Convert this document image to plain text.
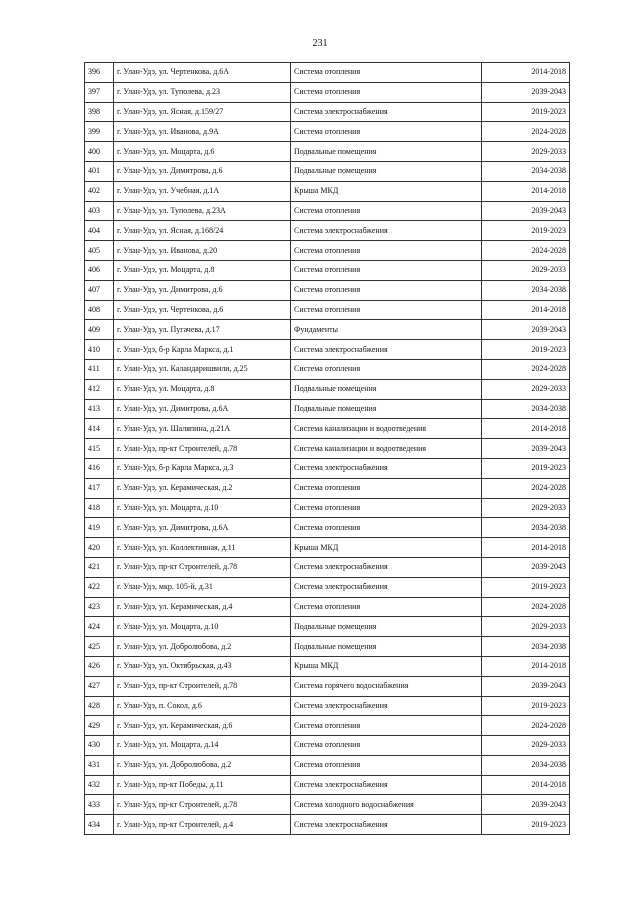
231
396	г. Улан-Удэ, ул. Чертенкова, д.6А	Система отопления	2014-2018
397	г. Улан-Удэ, ул. Туполева, д.23	Система отопления	2039-2043
398	г. Улан-Удэ, ул. Ясная, д.159/27	Система электроснабжения	2019-2023
399	г. Улан-Удэ, ул. Иванова, д.9А	Система отопления	2024-2028
400	г. Улан-Удэ, ул. Моцарта, д.6	Подвальные помещения	2029-2033
401	г. Улан-Удэ, ул. Димитрова, д.6	Подвальные помещения	2034-2038
402	г. Улан-Удэ, ул. Учебная, д.1А	Крыша МКД	2014-2018
403	г. Улан-Удэ, ул. Туполева, д.23А	Система отопления	2039-2043
404	г. Улан-Удэ, ул. Ясная, д.168/24	Система электроснабжения	2019-2023
405	г. Улан-Удэ, ул. Иванова, д.20	Система отопления	2024-2028
406	г. Улан-Удэ, ул. Моцарта, д.8	Система отопления	2029-2033
407	г. Улан-Удэ, ул. Димитрова, д.6	Система отопления	2034-2038
408	г. Улан-Удэ, ул. Чертенкова, д.6	Система отопления	2014-2018
409	г. Улан-Удэ, ул. Пугачева, д.17	Фундаменты	2039-2043
410	г. Улан-Удэ, б-р Карла Маркса, д.1	Система электроснабжения	2019-2023
411	г. Улан-Удэ, ул. Каландаришвили, д.25	Система отопления	2024-2028
412	г. Улан-Удэ, ул. Моцарта, д.8	Подвальные помещения	2029-2033
413	г. Улан-Удэ, ул. Димитрова, д.6А	Подвальные помещения	2034-2038
414	г. Улан-Удэ, ул. Шаляпина, д.21А	Система канализации и водоотведения	2014-2018
415	г. Улан-Удэ, пр-кт Строителей, д.78	Система канализации и водоотведения	2039-2043
416	г. Улан-Удэ, б-р Карла Маркса, д.3	Система электроснабжения	2019-2023
417	г. Улан-Удэ, ул. Керамическая, д.2	Система отопления	2024-2028
418	г. Улан-Удэ, ул. Моцарта, д.10	Система отопления	2029-2033
419	г. Улан-Удэ, ул. Димитрова, д.6А	Система отопления	2034-2038
420	г. Улан-Удэ, ул. Коллективная, д.11	Крыша МКД	2014-2018
421	г. Улан-Удэ, пр-кт Строителей, д.78	Система электроснабжения	2039-2043
422	г. Улан-Удэ, мкр. 105-й, д.31	Система электроснабжения	2019-2023
423	г. Улан-Удэ, ул. Керамическая, д.4	Система отопления	2024-2028
424	г. Улан-Удэ, ул. Моцарта, д.10	Подвальные помещения	2029-2033
425	г. Улан-Удэ, ул. Добролюбова, д.2	Подвальные помещения	2034-2038
426	г. Улан-Удэ, ул. Октябрьская, д.43	Крыша МКД	2014-2018
427	г. Улан-Удэ, пр-кт Строителей, д.78	Система горячего водоснабжения	2039-2043
428	г. Улан-Удэ, п. Сокол, д.6	Система электроснабжения	2019-2023
429	г. Улан-Удэ, ул. Керамическая, д.6	Система отопления	2024-2028
430	г. Улан-Удэ, ул. Моцарта, д.14	Система отопления	2029-2033
431	г. Улан-Удэ, ул. Добролюбова, д.2	Система отопления	2034-2038
432	г. Улан-Удэ, пр-кт Победы, д.11	Система электроснабжения	2014-2018
433	г. Улан-Удэ, пр-кт Строителей, д.78	Система холодного водоснабжения	2039-2043
434	г. Улан-Удэ, пр-кт Строителей, д.4	Система электроснабжения	2019-2023
